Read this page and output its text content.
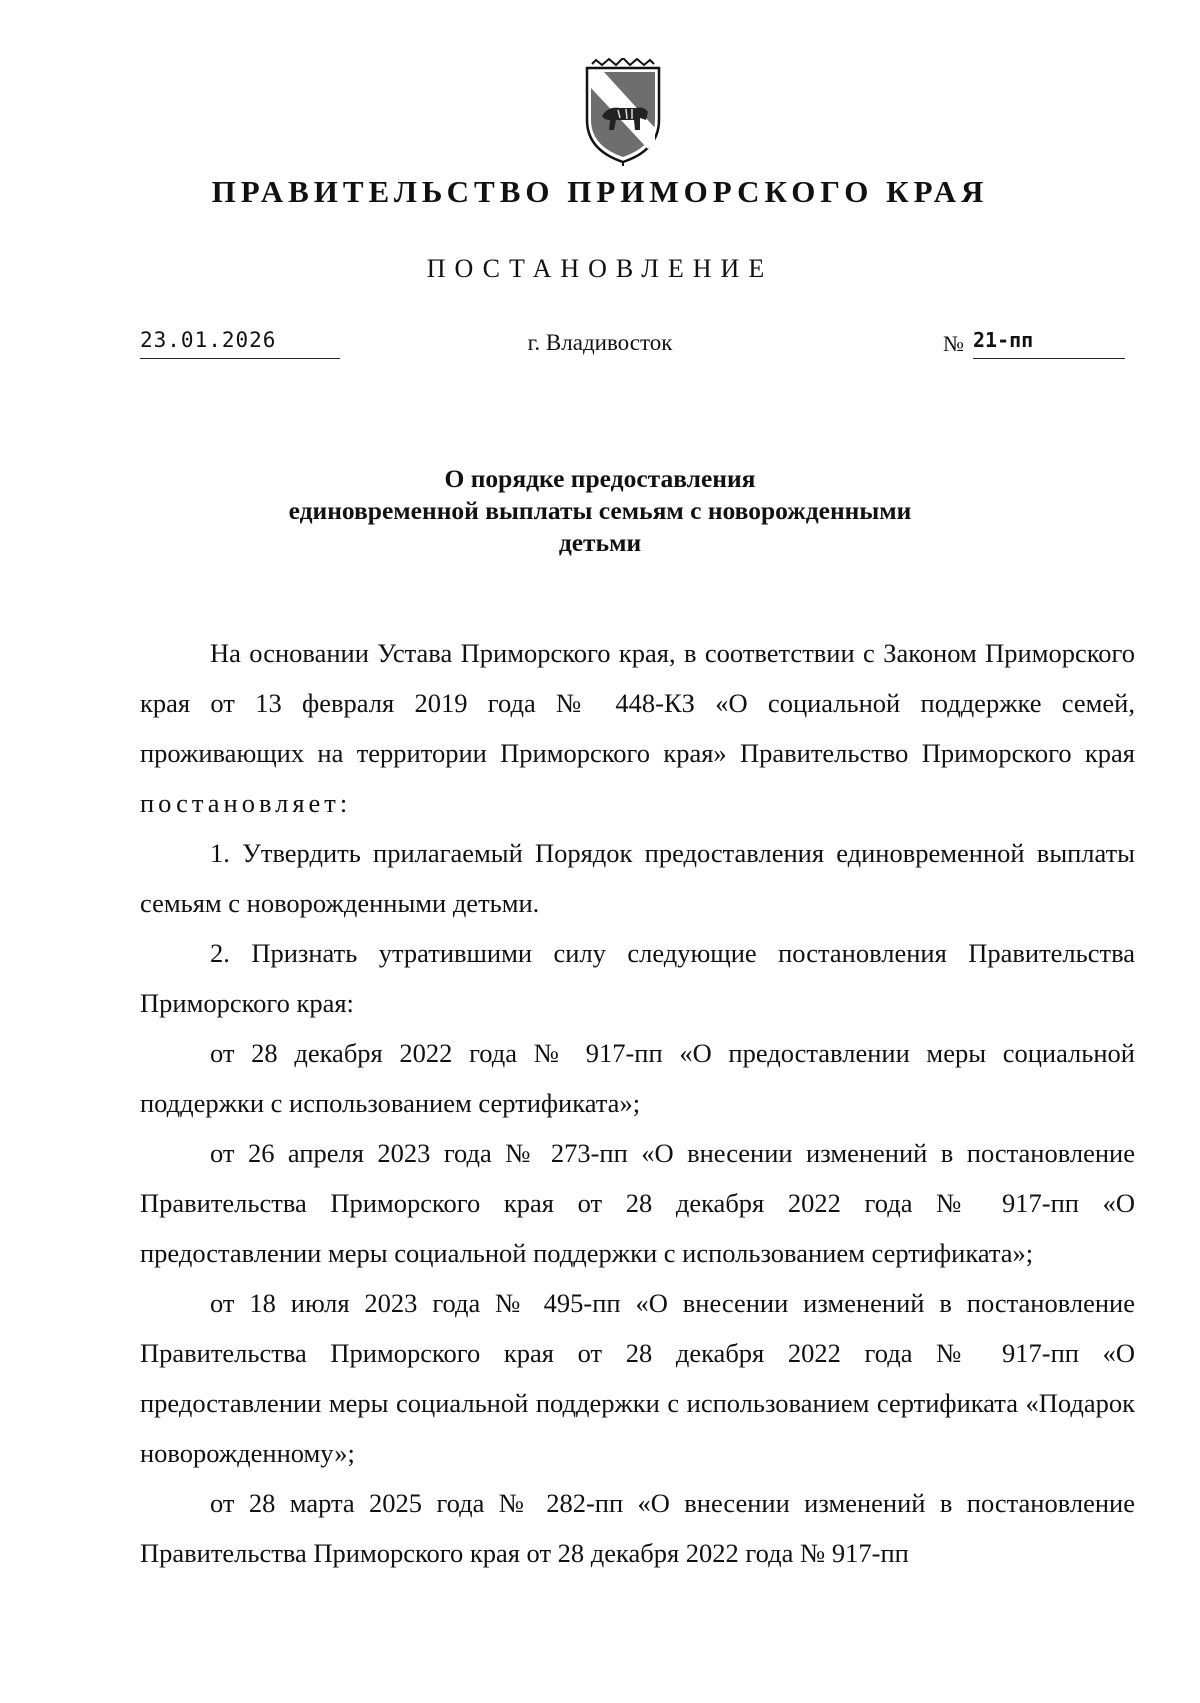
ПРАВИТЕЛЬСТВО ПРИМОРСКОГО КРАЯ
ПОСТАНОВЛЕНИЕ
23.01.2026	г. Владивосток	№ 21-пп
О порядке предоставления
единовременной выплаты семьям с новорожденными
детьми

На основании Устава Приморского края, в соответствии с Законом Приморского края от 13 февраля 2019 года № 448-КЗ «О социальной поддержке семей, проживающих на территории Приморского края» Правительство Приморского края постановляет:

1. Утвердить прилагаемый Порядок предоставления единовременной выплаты семьям с новорожденными детьми.

2. Признать утратившими силу следующие постановления Правительства Приморского края:

от 28 декабря 2022 года № 917-пп «О предоставлении меры социальной поддержки с использованием сертификата»;

от 26 апреля 2023 года № 273-пп «О внесении изменений в постановление Правительства Приморского края от 28 декабря 2022 года № 917-пп «О предоставлении меры социальной поддержки с использованием сертификата»;

от 18 июля 2023 года № 495-пп «О внесении изменений в постановление Правительства Приморского края от 28 декабря 2022 года № 917-пп «О предоставлении меры социальной поддержки с использованием сертификата «Подарок новорожденному»;

от 28 марта 2025 года № 282-пп «О внесении изменений в постановление Правительства Приморского края от 28 декабря 2022 года № 917-пп
